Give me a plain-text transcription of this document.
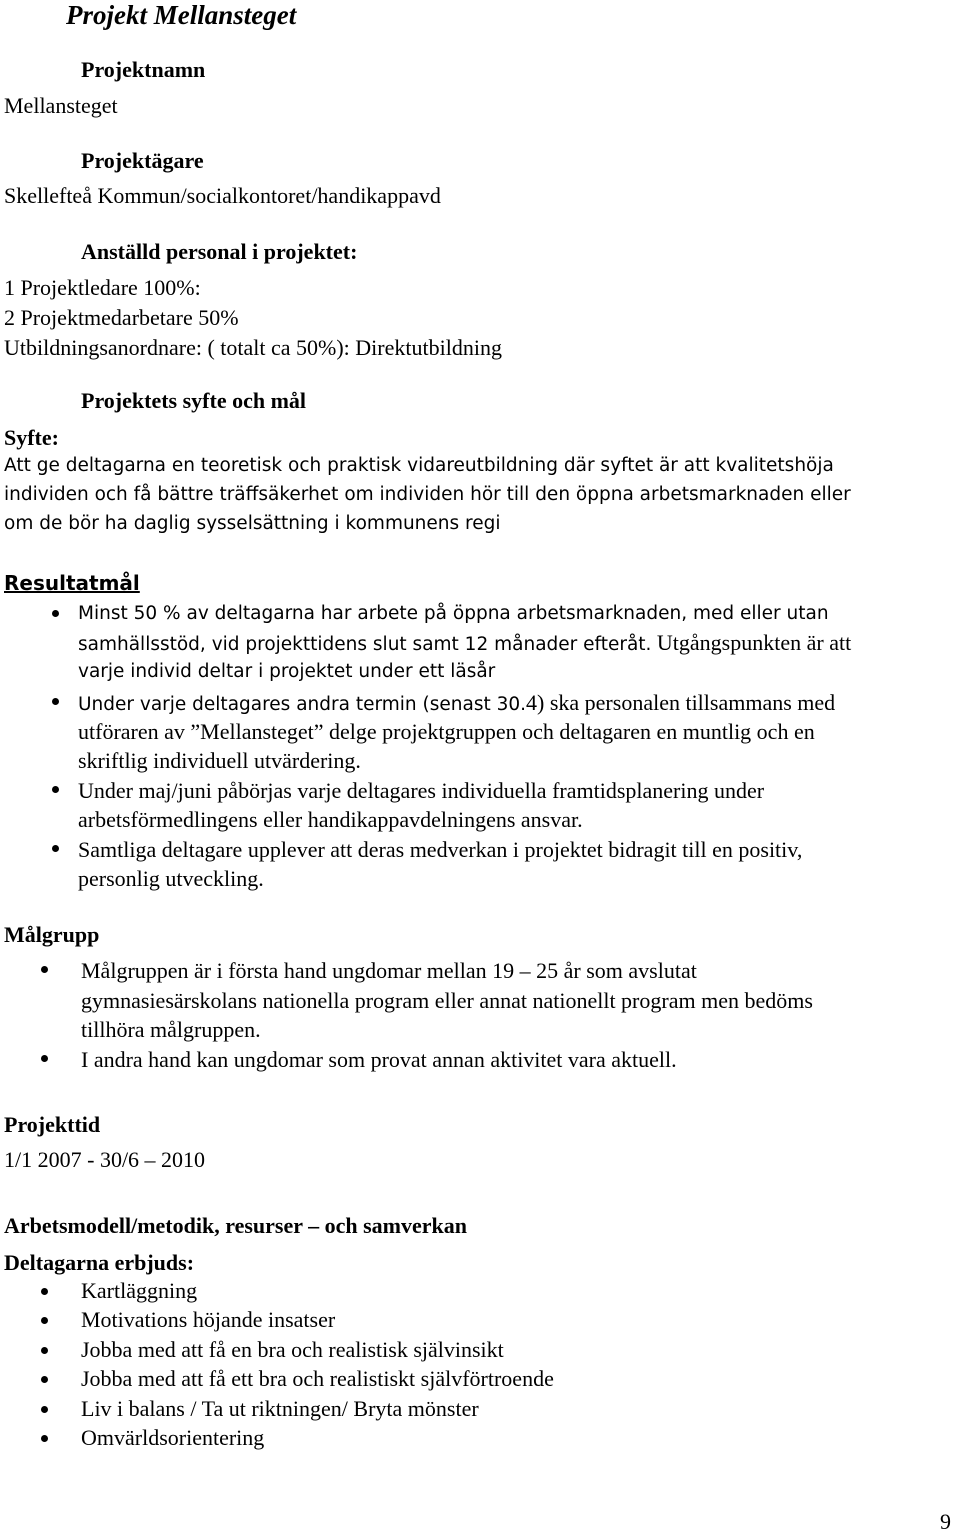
Projekt Mellansteget
Projektnamn
Mellansteget
Projektägare
Skellefteå Kommun/socialkontoret/handikappavd
Anställd personal i projektet:
1 Projektledare 100%:
2 Projektmedarbetare 50%
Utbildningsanordnare: ( totalt ca 50%): Direktutbildning
Projektets syfte och mål
Syfte:
Att ge deltagarna en teoretisk och praktisk vidareutbildning där syftet är att kvalitetshöja
individen och få bättre träffsäkerhet om individen hör till den öppna arbetsmarknaden eller
om de bör ha daglig sysselsättning i kommunens regi
Resultatmål
Minst 50 % av deltagarna har arbete på öppna arbetsmarknaden, med eller utan
samhällsstöd, vid projekttidens slut samt 12 månader efteråt. Utgångspunkten är att
varje individ deltar i projektet under ett läsår
Under varje deltagares andra termin (senast 30.4) ska personalen tillsammans med
utföraren av ”Mellansteget” delge projektgruppen och deltagaren en muntlig och en
skriftlig individuell utvärdering.
Under maj/juni påbörjas varje deltagares individuella framtidsplanering under
arbetsförmedlingens eller handikappavdelningens ansvar.
Samtliga deltagare upplever att deras medverkan i projektet bidragit till en positiv,
personlig utveckling.
Målgrupp
Målgruppen är i första hand ungdomar mellan 19 – 25 år som avslutat
gymnasiesärskolans nationella program eller annat nationellt program men bedöms
tillhöra målgruppen.
I andra hand kan ungdomar som provat annan aktivitet vara aktuell.
Projekttid
1/1 2007 - 30/6 – 2010
Arbetsmodell/metodik, resurser – och samverkan
Deltagarna erbjuds:
Kartläggning
Motivations höjande insatser
Jobba med att få en bra och realistisk självinsikt
Jobba med att få ett bra och realistiskt självförtroende
Liv i balans / Ta ut riktningen/ Bryta mönster
Omvärldsorientering
9
